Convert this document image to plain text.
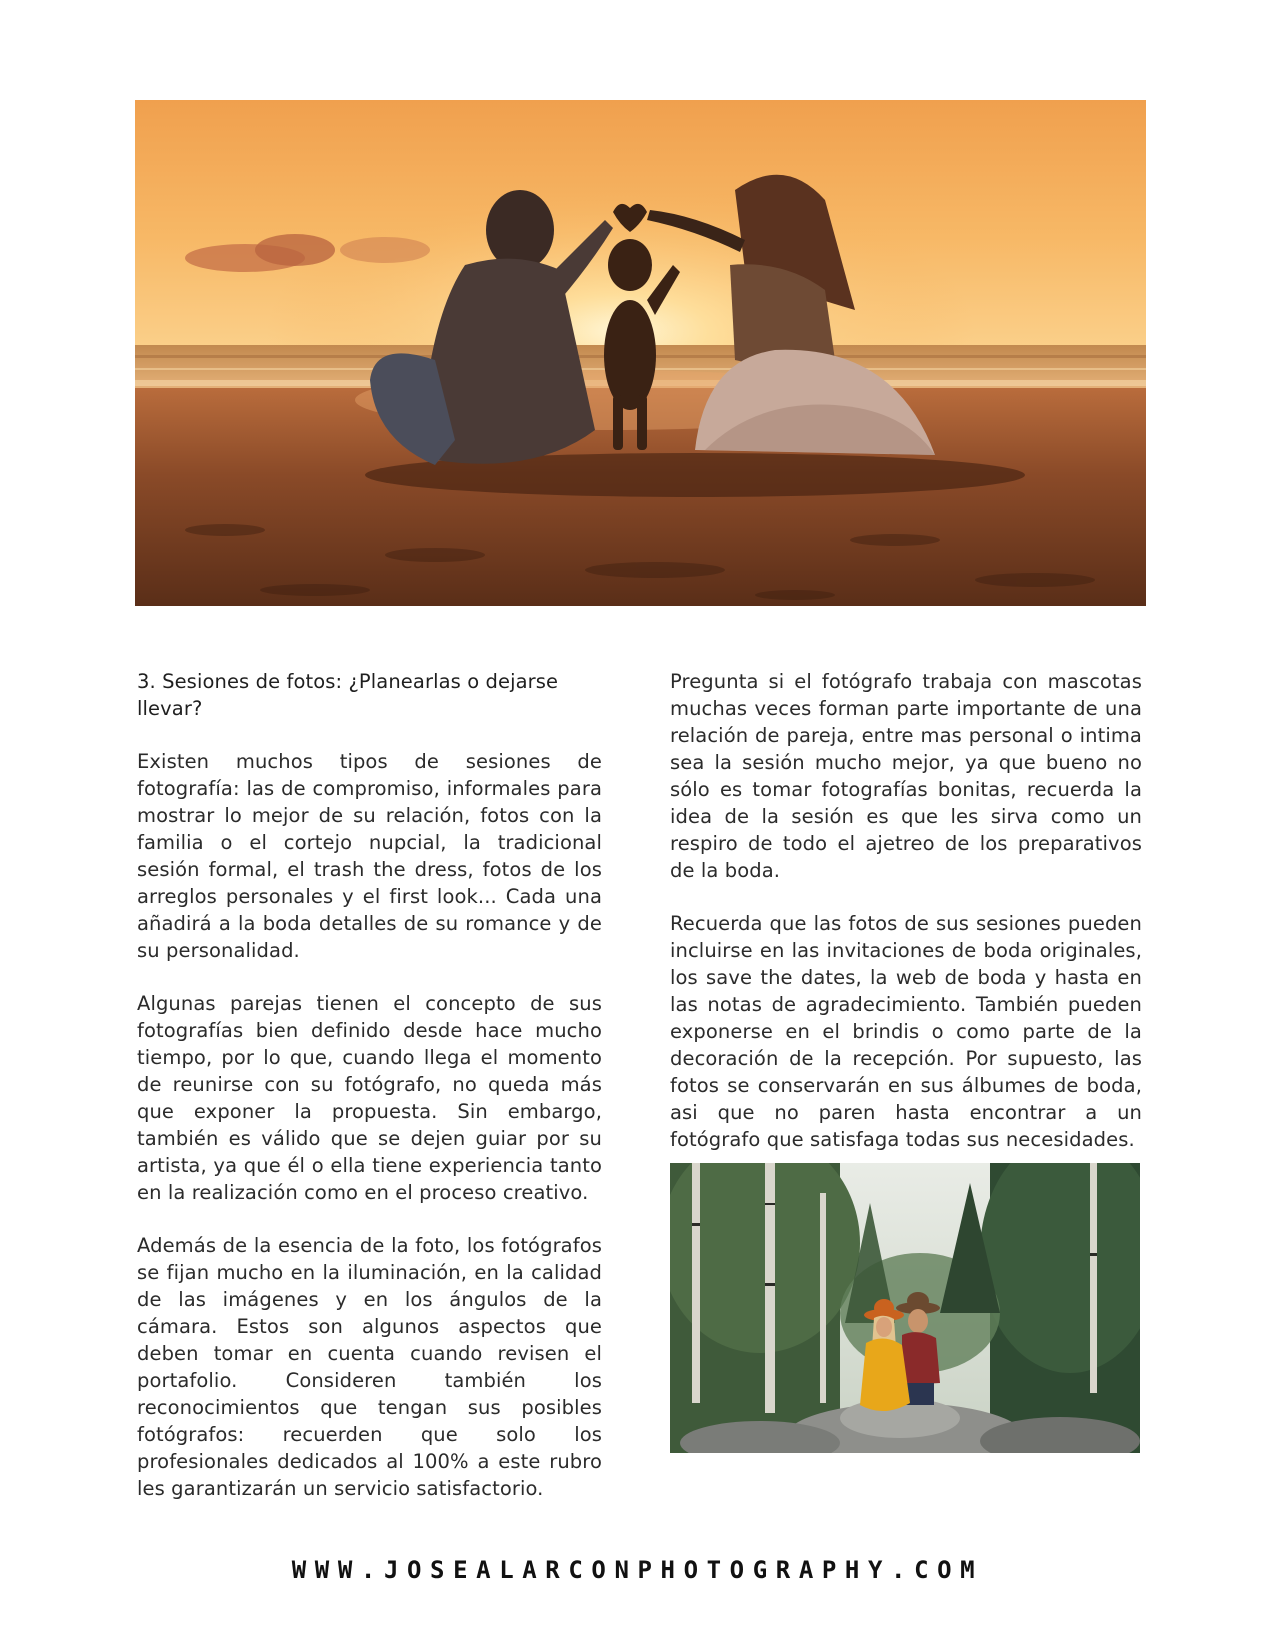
3. Sesiones de fotos: ¿Planearlas o dejarse llevar?

Existen muchos tipos de sesiones de fotografía: las de compromiso, informales para mostrar lo mejor de su relación, fotos con la familia o el cortejo nupcial, la tradicional sesión formal, el trash the dress, fotos de los arreglos personales y el first look... Cada una añadirá a la boda detalles de su romance y de su personalidad.

Algunas parejas tienen el concepto de sus fotografías bien definido desde hace mucho tiempo, por lo que, cuando llega el momento de reunirse con su fotógrafo, no queda más que exponer la propuesta. Sin embargo, también es válido que se dejen guiar por su artista, ya que él o ella tiene experiencia tanto en la realización como en el proceso creativo.

Además de la esencia de la foto, los fotógrafos se fijan mucho en la iluminación, en la calidad de las imágenes y en los ángulos de la cámara. Estos son algunos aspectos que deben tomar en cuenta cuando revisen el portafolio. Consideren también los reconocimientos que tengan sus posibles fotógrafos: recuerden que solo los profesionales dedicados al 100% a este rubro les garantizarán un servicio satisfactorio.

Pregunta si el fotógrafo trabaja con mascotas muchas veces forman parte importante de una relación de pareja, entre mas personal o intima sea la sesión mucho mejor, ya que bueno no sólo es tomar fotografías bonitas, recuerda la idea de la sesión es que les sirva como un respiro de todo el ajetreo de los preparativos de la boda.

Recuerda que las fotos de sus sesiones pueden incluirse en las invitaciones de boda originales, los save the dates, la web de boda y hasta en las notas de agradecimiento. También pueden exponerse en el brindis o como parte de la decoración de la recepción. Por supuesto, las fotos se conservarán en sus álbumes de boda, asi que no paren hasta encontrar a un fotógrafo que satisfaga todas sus necesidades.

WWW.JOSEALARCONPHOTOGRAPHY.COM
